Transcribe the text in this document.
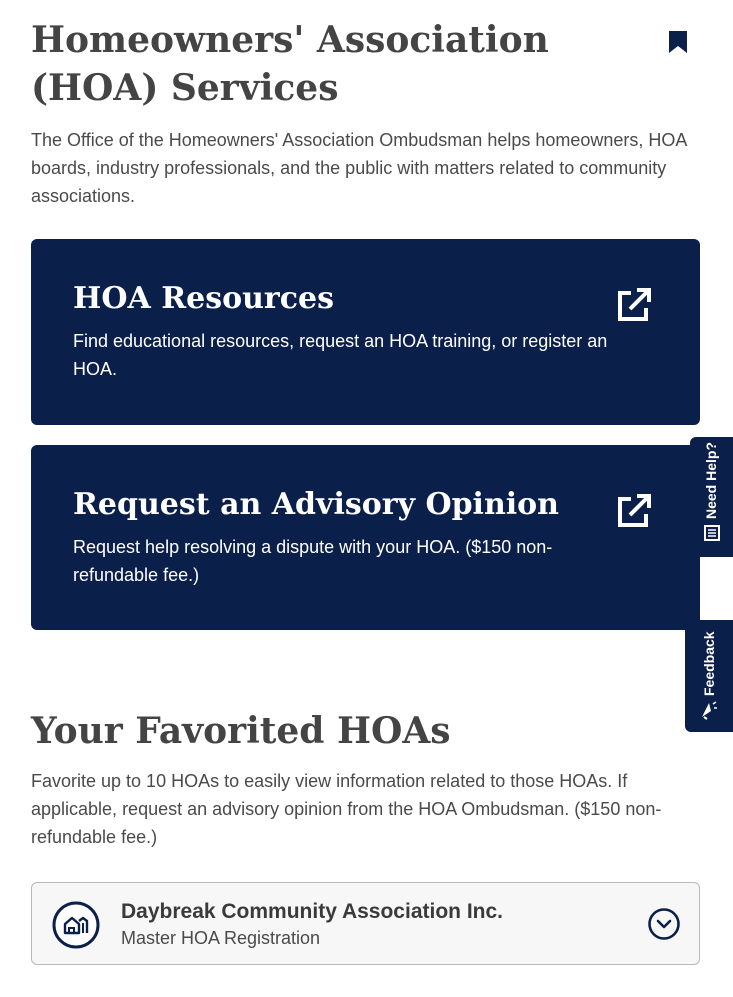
Homeowners' Association (HOA) Services

The Office of the Homeowners' Association Ombudsman helps homeowners, HOA boards, industry professionals, and the public with matters related to community associations.

HOA Resources

Find educational resources, request an HOA training, or register an HOA.

Request an Advisory Opinion

Request help resolving a dispute with your HOA. ($150 non-refundable fee.)

Need Help?
Feedback
Your Favorited HOAs

Favorite up to 10 HOAs to easily view information related to those HOAs. If applicable, request an advisory opinion from the HOA Ombudsman. ($150 non-refundable fee.)

Daybreak Community Association Inc.
Master HOA Registration
